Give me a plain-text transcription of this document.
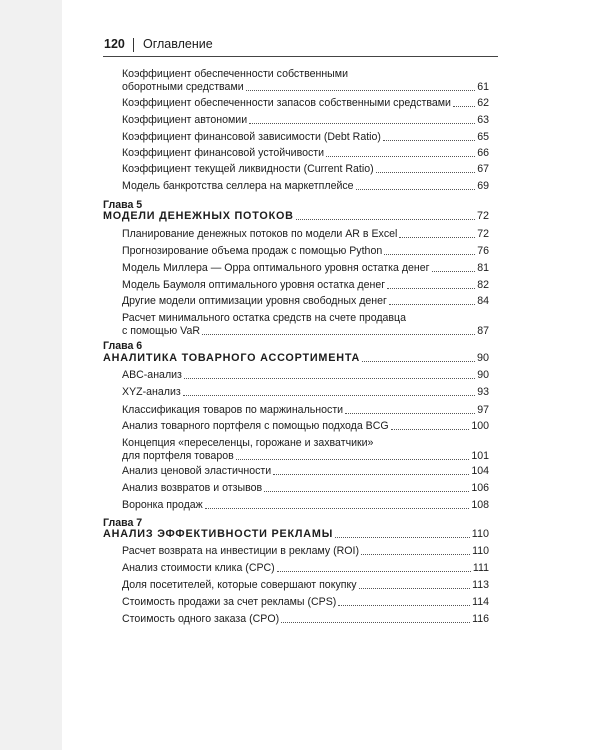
120 Оглавление
Коэффициент обеспеченности собственными
оборотными средствами	61
Коэффициент обеспеченности запасов собственными средствами 62
Коэффициент автономии	63
Коэффициент финансовой зависимости (Debt Ratio)	65
Коэффициент финансовой устойчивости	66
Коэффициент текущей ликвидности (Current Ratio)	67
Модель банкротства селлера на маркетплейсе	69
Глава 5
МОДЕЛИ ДЕНЕЖНЫХ ПОТОКОВ	72
Планирование денежных потоков по модели AR в Excel	72
Прогнозирование объема продаж с помощью Python	76
Модель Миллера — Орра оптимального уровня остатка денег	81
Модель Баумоля оптимального уровня остатка денег	82
Другие модели оптимизации уровня свободных денег	84
Расчет минимального остатка средств на счете продавца
с помощью VaR	87
Глава 6
АНАЛИТИКА ТОВАРНОГО АССОРТИМЕНТА	90
ABC-анализ	90
XYZ-анализ	93
Классификация товаров по маржинальности	97
Анализ товарного портфеля с помощью подхода BCG	100
Концепция «переселенцы, горожане и захватчики»
для портфеля товаров	101
Анализ ценовой эластичности	104
Анализ возвратов и отзывов	106
Воронка продаж	108
Глава 7
АНАЛИЗ ЭФФЕКТИВНОСТИ РЕКЛАМЫ	110
Расчет возврата на инвестиции в рекламу (ROI)	110
Анализ стоимости клика (CPC)	111
Доля посетителей, которые совершают покупку	113
Стоимость продажи за счет рекламы (CPS)	114
Стоимость одного заказа (CPO)	116
